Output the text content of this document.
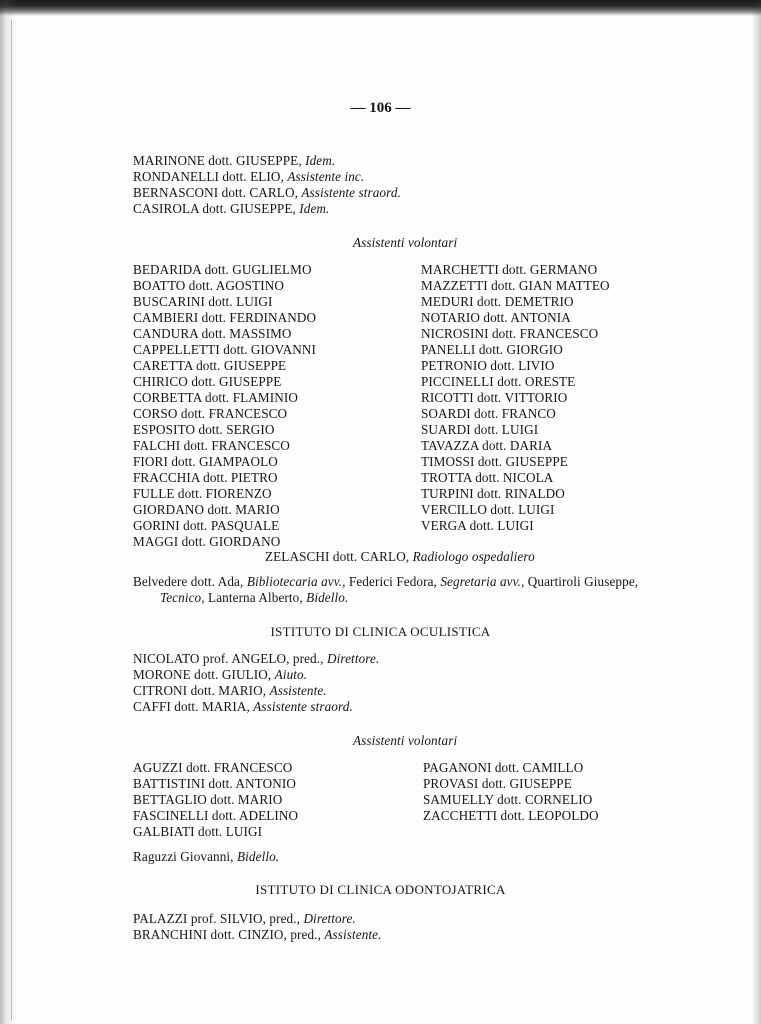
— 106 —

MARINONE dott. GIUSEPPE, Idem.

RONDANELLI dott. ELIO, Assistente inc.

BERNASCONI dott. CARLO, Assistente straord.

CASIROLA dott. GIUSEPPE, Idem.

Assistenti volontari

BEDARIDA dott. GUGLIELMO
BOATTO dott. AGOSTINO
BUSCARINI dott. LUIGI
CAMBIERI dott. FERDINANDO
CANDURA dott. MASSIMO
CAPPELLETTI dott. GIOVANNI
CARETTA dott. GIUSEPPE
CHIRICO dott. GIUSEPPE
CORBETTA dott. FLAMINIO
CORSO dott. FRANCESCO
ESPOSITO dott. SERGIO
FALCHI dott. FRANCESCO
FIORI dott. GIAMPAOLO
FRACCHIA dott. PIETRO
FULLE dott. FIORENZO
GIORDANO dott. MARIO
GORINI dott. PASQUALE
MAGGI dott. GIORDANO
MARCHETTI dott. GERMANO
MAZZETTI dott. GIAN MATTEO
MEDURI dott. DEMETRIO
NOTARIO dott. ANTONIA
NICROSINI dott. FRANCESCO
PANELLI dott. GIORGIO
PETRONIO dott. LIVIO
PICCINELLI dott. ORESTE
RICOTTI dott. VITTORIO
SOARDI dott. FRANCO
SUARDI dott. LUIGI
TAVAZZA dott. DARIA
TIMOSSI dott. GIUSEPPE
TROTTA dott. NICOLA
TURPINI dott. RINALDO
VERCILLO dott. LUIGI
VERGA dott. LUIGI

ZELASCHI dott. CARLO, Radiologo ospedaliero

Belvedere dott. Ada, Bibliotecaria avv., Federici Fedora, Segretaria avv., Quartiroli Giuseppe,

Tecnico, Lanterna Alberto, Bidello.

ISTITUTO DI CLINICA OCULISTICA

NICOLATO prof. ANGELO, pred., Direttore.

MORONE dott. GIULIO, Aiuto.

CITRONI dott. MARIO, Assistente.

CAFFI dott. MARIA, Assistente straord.

Assistenti volontari

AGUZZI dott. FRANCESCO
BATTISTINI dott. ANTONIO
BETTAGLIO dott. MARIO
FASCINELLI dott. ADELINO
GALBIATI dott. LUIGI
PAGANONI dott. CAMILLO
PROVASI dott. GIUSEPPE
SAMUELLY dott. CORNELIO
ZACCHETTI dott. LEOPOLDO

Raguzzi Giovanni, Bidello.

ISTITUTO DI CLINICA ODONTOJATRICA

PALAZZI prof. SILVIO, pred., Direttore.

BRANCHINI dott. CINZIO, pred., Assistente.
